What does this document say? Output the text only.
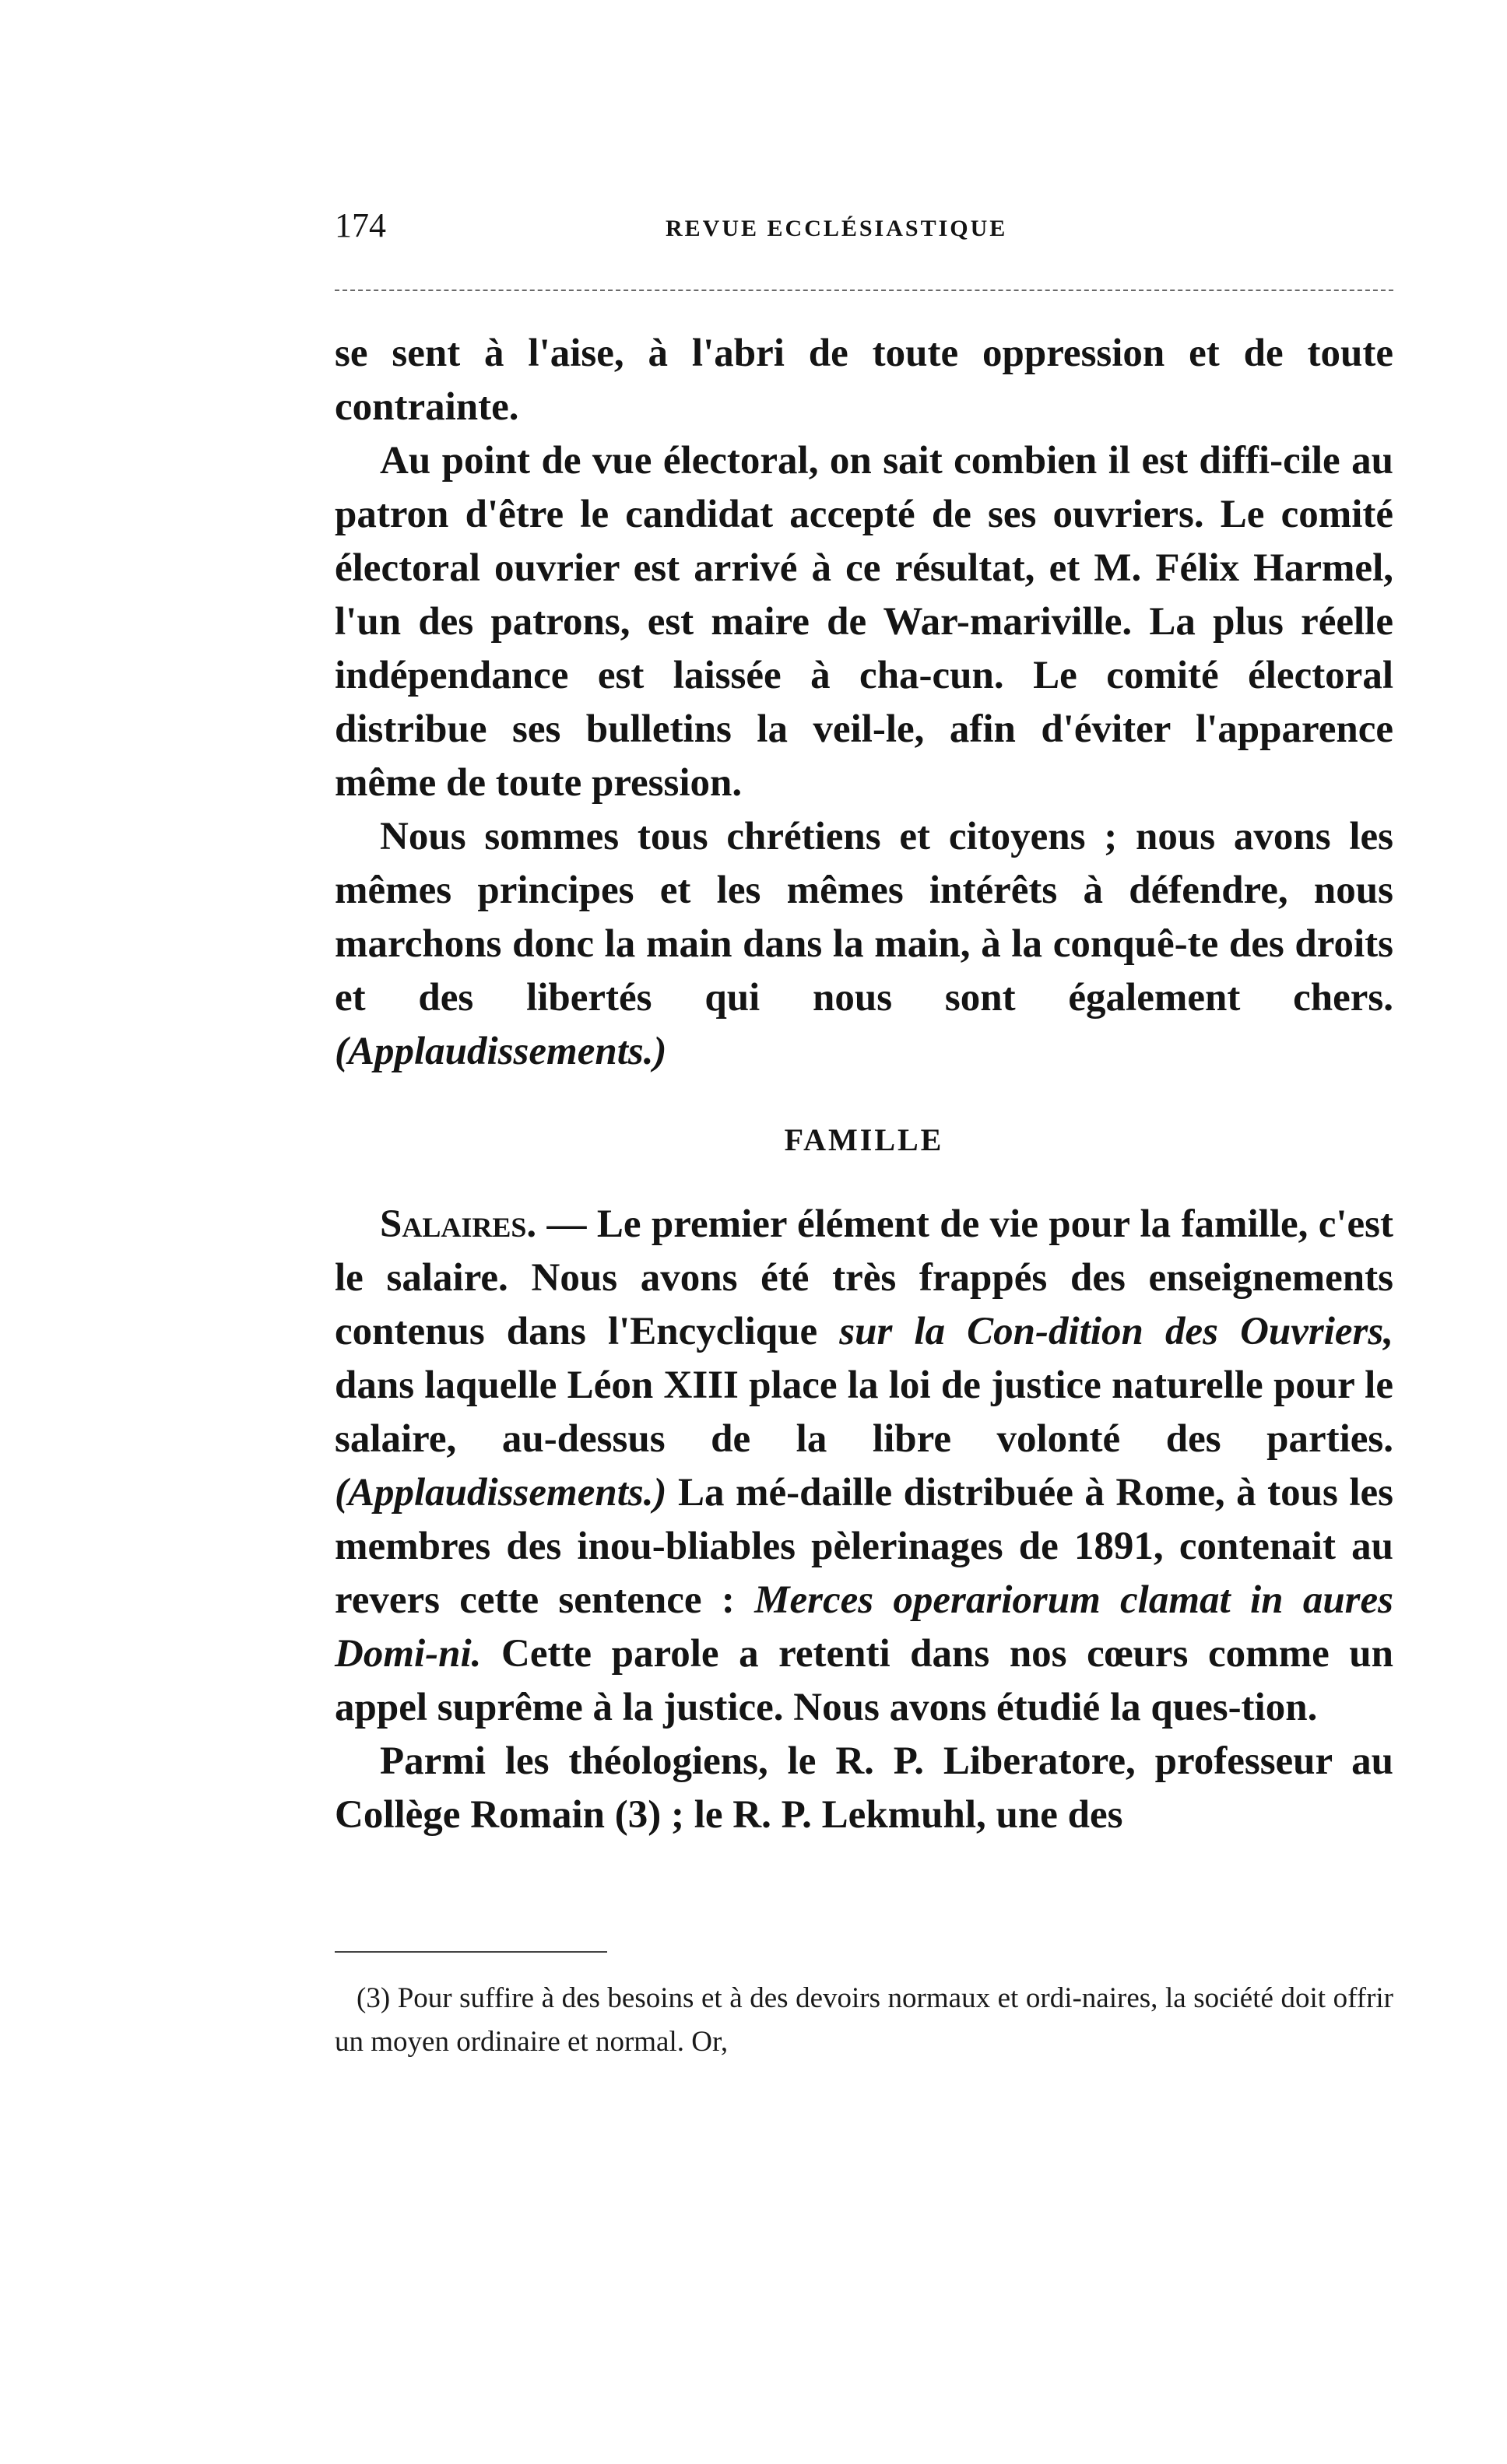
174	REVUE ECCLÉSIASTIQUE

se sent à l'aise, à l'abri de toute oppression et de toute contrainte.

Au point de vue électoral, on sait combien il est diffi-cile au patron d'être le candidat accepté de ses ouvriers. Le comité électoral ouvrier est arrivé à ce résultat, et M. Félix Harmel, l'un des patrons, est maire de War-mariville. La plus réelle indépendance est laissée à cha-cun. Le comité électoral distribue ses bulletins la veil-le, afin d'éviter l'apparence même de toute pression.

Nous sommes tous chrétiens et citoyens ; nous avons les mêmes principes et les mêmes intérêts à défendre, nous marchons donc la main dans la main, à la conquê-te des droits et des libertés qui nous sont également chers. (Applaudissements.)

FAMILLE

Salaires. — Le premier élément de vie pour la famille, c'est le salaire. Nous avons été très frappés des enseignements contenus dans l'Encyclique sur la Con-dition des Ouvriers, dans laquelle Léon XIII place la loi de justice naturelle pour le salaire, au-dessus de la libre volonté des parties. (Applaudissements.) La mé-daille distribuée à Rome, à tous les membres des inou-bliables pèlerinages de 1891, contenait au revers cette sentence : Merces operariorum clamat in aures Domi-ni. Cette parole a retenti dans nos cœurs comme un appel suprême à la justice. Nous avons étudié la ques-tion.

Parmi les théologiens, le R. P. Liberatore, professeur au Collège Romain (3) ; le R. P. Lekmuhl, une des

(3) Pour suffire à des besoins et à des devoirs normaux et ordi-naires, la société doit offrir un moyen ordinaire et normal. Or,
